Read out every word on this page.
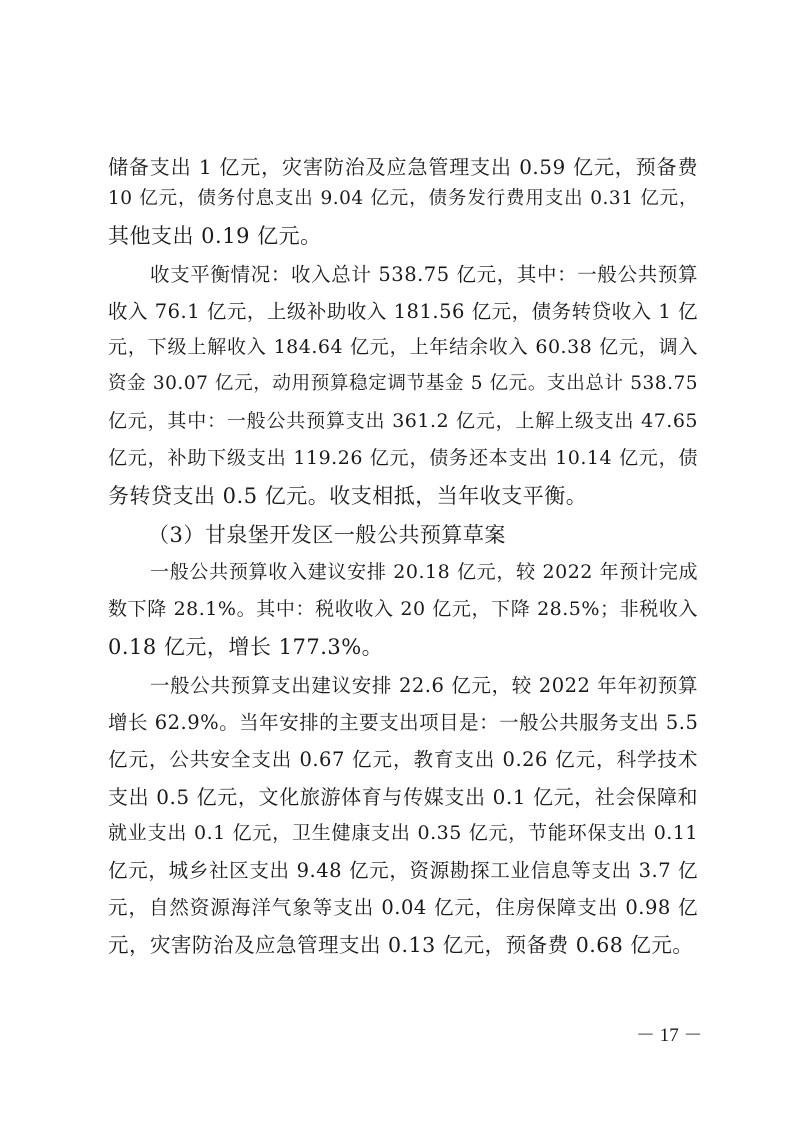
储备支出 1 亿元，灾害防治及应急管理支出 0.59 亿元，预备费
10 亿元，债务付息支出 9.04 亿元，债务发行费用支出 0.31 亿元，
其他支出 0.19 亿元。
收支平衡情况：收入总计 538.75 亿元，其中：一般公共预算
收入 76.1 亿元，上级补助收入 181.56 亿元，债务转贷收入 1 亿
元，下级上解收入 184.64 亿元，上年结余收入 60.38 亿元，调入
资金 30.07 亿元，动用预算稳定调节基金 5 亿元。支出总计 538.75
亿元，其中：一般公共预算支出 361.2 亿元，上解上级支出 47.65
亿元，补助下级支出 119.26 亿元，债务还本支出 10.14 亿元，债
务转贷支出 0.5 亿元。收支相抵，当年收支平衡。
（3）甘泉堡开发区一般公共预算草案
一般公共预算收入建议安排 20.18 亿元，较 2022 年预计完成
数下降 28.1%。其中：税收收入 20 亿元，下降 28.5%；非税收入
0.18 亿元，增长 177.3%。
一般公共预算支出建议安排 22.6 亿元，较 2022 年年初预算
增长 62.9%。当年安排的主要支出项目是：一般公共服务支出 5.5
亿元，公共安全支出 0.67 亿元，教育支出 0.26 亿元，科学技术
支出 0.5 亿元，文化旅游体育与传媒支出 0.1 亿元，社会保障和
就业支出 0.1 亿元，卫生健康支出 0.35 亿元，节能环保支出 0.11
亿元，城乡社区支出 9.48 亿元，资源勘探工业信息等支出 3.7 亿
元，自然资源海洋气象等支出 0.04 亿元，住房保障支出 0.98 亿
元，灾害防治及应急管理支出 0.13 亿元，预备费 0.68 亿元。
－ 17 －
